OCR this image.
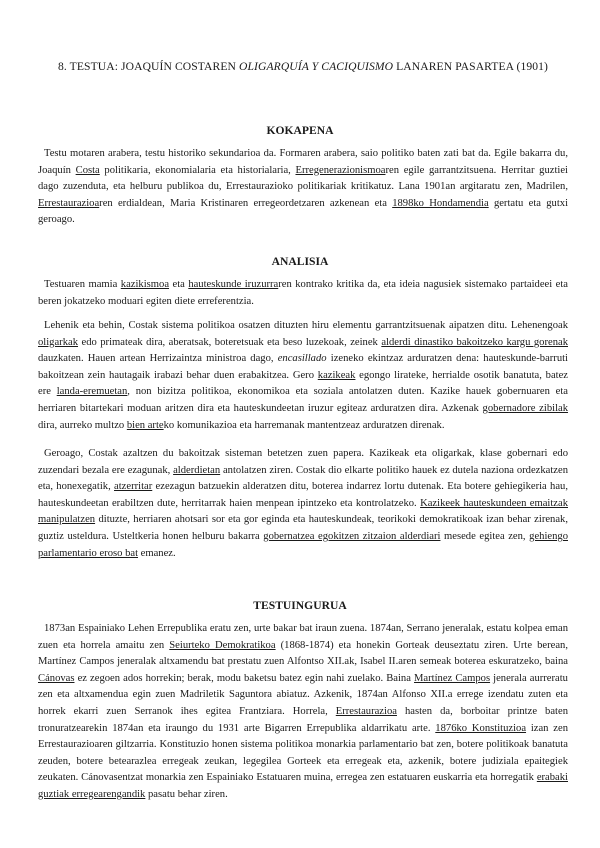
8. TESTUA: JOAQUÍN COSTAREN OLIGARQUÍA Y CACIQUISMO LANAREN PASARTEA (1901)
KOKAPENA
Testu motaren arabera, testu historiko sekundarioa da. Formaren arabera, saio politiko baten zati bat da. Egile bakarra du, Joaquín Costa politikaria, ekonomialaria eta historialaria, Erregenerazionismoaren egile garrantzitsuena. Herritar guztiei dago zuzenduta, eta helburu publikoa du, Errestaurazioko politikariak kritikatuz. Lana 1901an argitaratu zen, Madrilen, Errestaurazioaren erdialdean, Maria Kristinaren erregeordetzaren azkenean eta 1898ko Hondamendia gertatu eta gutxi geroago.
ANALISIA
Testuaren mamia kazikismoa eta hauteskunde iruzurraren kontrako kritika da, eta ideia nagusiek sistemako partaideei eta beren jokatzeko moduari egiten diete erreferentzia.
Lehenik eta behin, Costak sistema politikoa osatzen dituzten hiru elementu garrantzitsuenak aipatzen ditu. Lehenengoak oligarkak edo primateak dira, aberatsak, boteretsuak eta beso luzekoak, zeinek alderdi dinastiko bakoitzeko kargu gorenak dauzkaten. Hauen artean Herrizaintza ministroa dago, encasillado izeneko ekintzaz arduratzen dena: hauteskunde-barruti bakoitzean zein hautagaik irabazi behar duen erabakitzea. Gero kazikeak egongo lirateke, herrialde osotik banatuta, batez ere landa-eremuetan, non bizitza politikoa, ekonomikoa eta soziala antolatzen duten. Kazike hauek gobernuaren eta herriaren bitartekari moduan aritzen dira eta hauteskundeetan iruzur egiteaz arduratzen dira. Azkenak gobernadore zibilak dira, aurreko multzo bien arteko komunikazioa eta harremanak mantentzeaz arduratzen direnak.
Geroago, Costak azaltzen du bakoitzak sisteman betetzen zuen papera. Kazikeak eta oligarkak, klase gobernari edo zuzendari bezala ere ezagunak, alderdietan antolatzen ziren. Costak dio elkarte politiko hauek ez dutela naziona ordezkatzen eta, honexegatik, atzerritar ezezagun batzuekin alderatzen ditu, boterea indarrez lortu dutenak. Eta botere gehiegikeria hau, hauteskundeetan erabiltzen dute, herritarrak haien menpean ipintzeko eta kontrolatzeko. Kazikeek hauteskundeen emaitzak manipulatzen dituzte, herriaren ahotsari sor eta gor eginda eta hauteskundeak, teorikoki demokratikoak izan behar zirenak, guztiz usteldura. Usteltkeria honen helburu bakarra gobernatzea egokitzen zitzaion alderdiari mesede egitea zen, gehiengo parlamentario eroso bat emanez.
TESTUINGURUA
1873an Espainiako Lehen Errepublika eratu zen, urte bakar bat iraun zuena. 1874an, Serrano jeneralak, estatu kolpea eman zuen eta horrela amaitu zen Seiurteko Demokratikoa (1868-1874) eta honekin Gorteak deuseztatu ziren. Urte berean, Martínez Campos jeneralak altxamendu bat prestatu zuen Alfontso XII.ak, Isabel II.aren semeak boterea eskuratzeko, baina Cánovas ez zegoen ados horrekin; berak, modu baketsu batez egin nahi zuelako. Baina Martínez Campos jenerala aurreratu zen eta altxamendua egin zuen Madriletik Saguntora abiatuz. Azkenik, 1874an Alfonso XII.a errege izendatu zuten eta horrek ekarri zuen Serranok ihes egitea Frantziara. Horrela, Errestaurazioa hasten da, borboitar printze baten tronuratzearekin 1874an eta iraungo du 1931 arte Bigarren Errepublika aldarrikatu arte. 1876ko Konstituzioa izan zen Errestaurazioaren giltzarria. Konstituzio honen sistema politikoa monarkia parlamentario bat zen, botere politikoak banatuta zeuden, botere betearazlea erregeak zeukan, legegilea Gorteek eta erregeak eta, azkenik, botere judiziala epaitegiek zeukaten. Cánovasentzat monarkia zen Espainiako Estatuaren muina, erregea zen estatuaren euskarria eta horregatik erabaki guztiak erregearengandik pasatu behar ziren.
